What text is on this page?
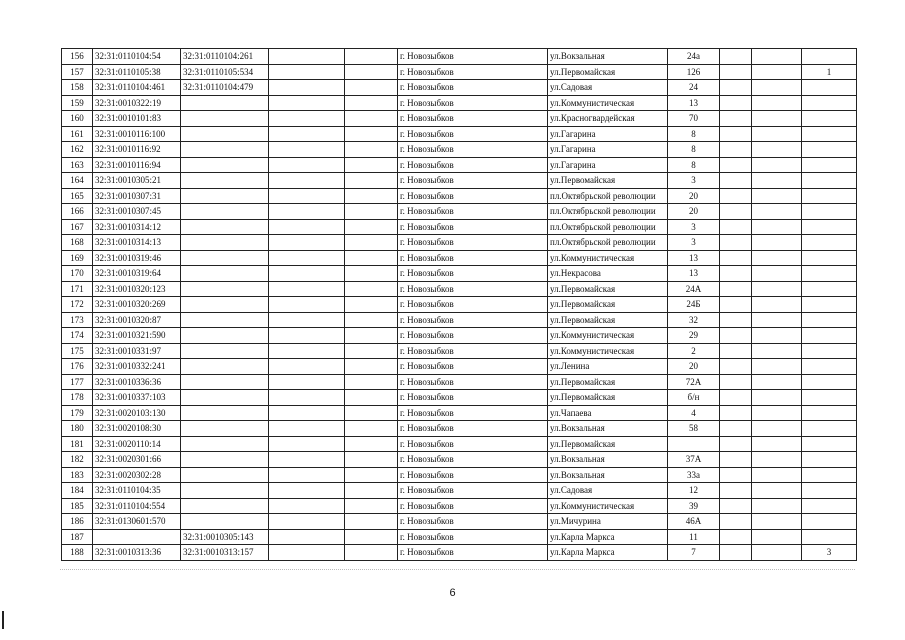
156	32:31:0110104:54	32:31:0110104:261			г. Новозыбков	ул.Вокзальная	24а			
157	32:31:0110105:38	32:31:0110105:534			г. Новозыбков	ул.Первомайская	126			1
158	32:31:0110104:461	32:31:0110104:479			г. Новозыбков	ул.Садовая	24			
159	32:31:0010322:19				г. Новозыбков	ул.Коммунистическая	13			
160	32:31:0010101:83				г. Новозыбков	ул.Красногвардейская	70			
161	32:31:0010116:100				г. Новозыбков	ул.Гагарина	8			
162	32:31:0010116:92				г. Новозыбков	ул.Гагарина	8			
163	32:31:0010116:94				г. Новозыбков	ул.Гагарина	8			
164	32:31:0010305:21				г. Новозыбков	ул.Первомайская	3			
165	32:31:0010307:31				г. Новозыбков	пл.Октябрьской революции	20			
166	32:31:0010307:45				г. Новозыбков	пл.Октябрьской революции	20			
167	32:31:0010314:12				г. Новозыбков	пл.Октябрьской революции	3			
168	32:31:0010314:13				г. Новозыбков	пл.Октябрьской революции	3			
169	32:31:0010319:46				г. Новозыбков	ул.Коммунистическая	13			
170	32:31:0010319:64				г. Новозыбков	ул.Некрасова	13			
171	32:31:0010320:123				г. Новозыбков	ул.Первомайская	24А			
172	32:31:0010320:269				г. Новозыбков	ул.Первомайская	24Б			
173	32:31:0010320:87				г. Новозыбков	ул.Первомайская	32			
174	32:31:0010321:590				г. Новозыбков	ул.Коммунистическая	29			
175	32:31:0010331:97				г. Новозыбков	ул.Коммунистическая	2			
176	32:31:0010332:241				г. Новозыбков	ул.Ленина	20			
177	32:31:0010336:36				г. Новозыбков	ул.Первомайская	72А			
178	32:31:0010337:103				г. Новозыбков	ул.Первомайская	б/н			
179	32:31:0020103:130				г. Новозыбков	ул.Чапаева	4			
180	32:31:0020108:30				г. Новозыбков	ул.Вокзальная	58			
181	32:31:0020110:14				г. Новозыбков	ул.Первомайская				
182	32:31:0020301:66				г. Новозыбков	ул.Вокзальная	37А			
183	32:31:0020302:28				г. Новозыбков	ул.Вокзальная	33а			
184	32:31:0110104:35				г. Новозыбков	ул.Садовая	12			
185	32:31:0110104:554				г. Новозыбков	ул.Коммунистическая	39			
186	32:31:0130601:570				г. Новозыбков	ул.Мичурина	46А			
187		32:31:0010305:143			г. Новозыбков	ул.Карла Маркса	11			
188	32:31:0010313:36	32:31:0010313:157			г. Новозыбков	ул.Карла Маркса	7			3
6
